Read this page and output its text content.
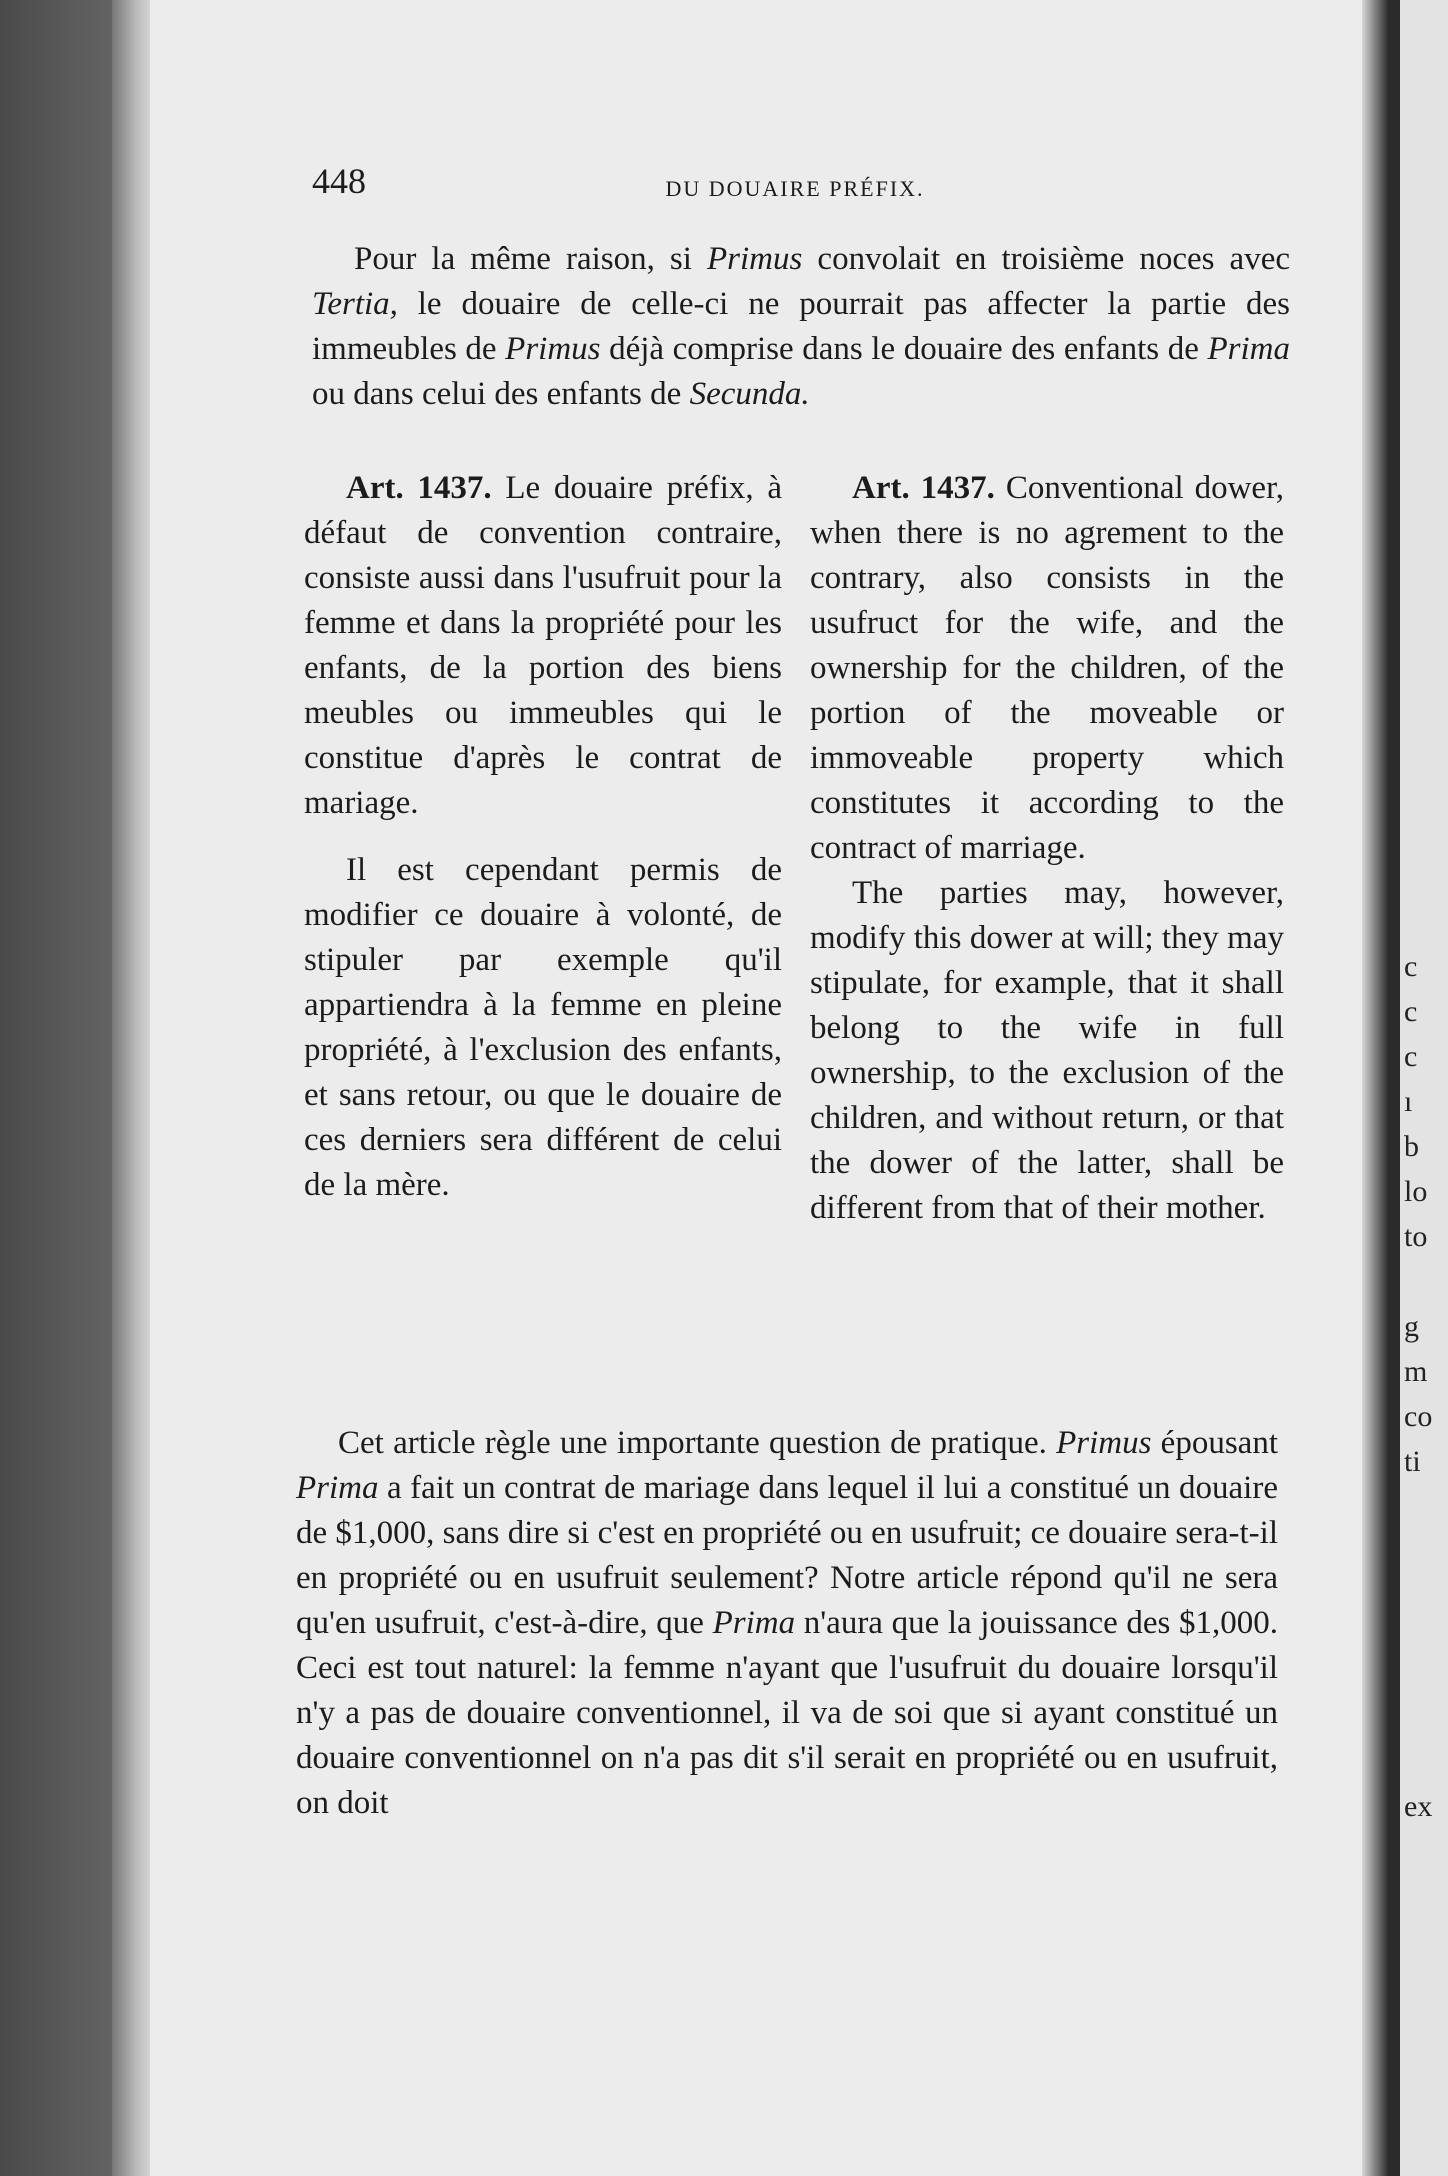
c
c
c
ı
b
lo
to
g
m
co
ti
ex
448	DU DOUAIRE PRÉFIX.
Pour la même raison, si Primus convolait en troisième noces avec Tertia, le douaire de celle-ci ne pourrait pas affecter la partie des immeubles de Primus déjà comprise dans le douaire des enfants de Prima ou dans celui des enfants de Secunda.

Art. 1437. Le douaire préfix, à défaut de convention contraire, consiste aussi dans l'usufruit pour la femme et dans la propriété pour les enfants, de la portion des biens meubles ou immeubles qui le constitue d'après le contrat de mariage.

Il est cependant permis de modifier ce douaire à volonté, de stipuler par exemple qu'il appartiendra à la femme en pleine propriété, à l'exclusion des enfants, et sans retour, ou que le douaire de ces derniers sera différent de celui de la mère.

Art. 1437. Conventional dower, when there is no agrement to the contrary, also consists in the usufruct for the wife, and the ownership for the children, of the portion of the moveable or immoveable property which constitutes it according to the contract of marriage.

The parties may, however, modify this dower at will; they may stipulate, for example, that it shall belong to the wife in full ownership, to the exclusion of the children, and without return, or that the dower of the latter, shall be different from that of their mother.

Cet article règle une importante question de pratique. Primus épousant Prima a fait un contrat de mariage dans lequel il lui a constitué un douaire de $1,000, sans dire si c'est en propriété ou en usufruit; ce douaire sera-t-il en propriété ou en usufruit seulement? Notre article répond qu'il ne sera qu'en usufruit, c'est-à-dire, que Prima n'aura que la jouissance des $1,000. Ceci est tout naturel: la femme n'ayant que l'usufruit du douaire lorsqu'il n'y a pas de douaire conventionnel, il va de soi que si ayant constitué un douaire conventionnel on n'a pas dit s'il serait en propriété ou en usufruit, on doit
